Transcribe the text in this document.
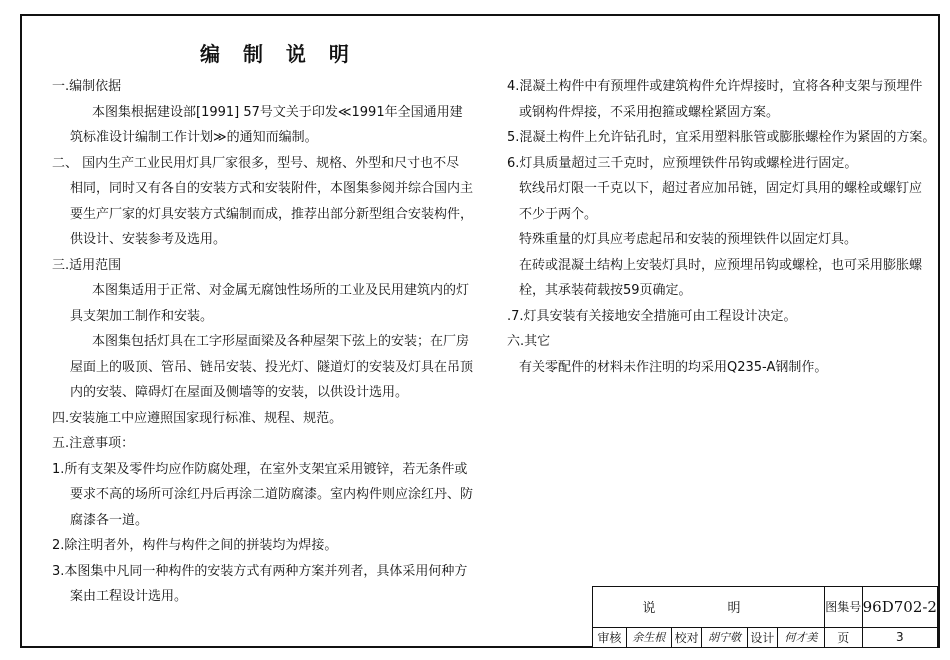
编 制 说 明

一.编制依据

本图集根据建设部[1991] 57号文关于印发≪1991年全国通用建

筑标准设计编制工作计划≫的通知而编制。

二、 国内生产工业民用灯具厂家很多，型号、规格、外型和尺寸也不尽

相同，同时又有各自的安装方式和安装附件，本图集参阅并综合国内主

要生产厂家的灯具安装方式编制而成，推荐出部分新型组合安装构件，

供设计、安装参考及选用。

三.适用范围

本图集适用于正常、对金属无腐蚀性场所的工业及民用建筑内的灯

具支架加工制作和安装。

本图集包括灯具在工字形屋面梁及各种屋架下弦上的安装；在厂房

屋面上的吸顶、管吊、链吊安装、投光灯、隧道灯的安装及灯具在吊顶

内的安装、障碍灯在屋面及侧墙等的安装，以供设计选用。

四.安装施工中应遵照国家现行标准、规程、规范。

五.注意事项：

1.所有支架及零件均应作防腐处理，在室外支架宜采用镀锌，若无条件或

要求不高的场所可涂红丹后再涂二道防腐漆。室内构件则应涂红丹、防

腐漆各一道。

2.除注明者外，构件与构件之间的拼装均为焊接。

3.本图集中凡同一种构件的安装方式有两种方案并列者，具体采用何种方

案由工程设计选用。

4.混凝土构件中有预埋件或建筑构件允许焊接时，宜将各种支架与预埋件

或钢构件焊接，不采用抱箍或螺栓紧固方案。

5.混凝土构件上允许钻孔时，宜采用塑料胀管或膨胀螺栓作为紧固的方案。

6.灯具质量超过三千克时，应预埋铁件吊钩或螺栓进行固定。

软线吊灯限一千克以下，超过者应加吊链，固定灯具用的螺栓或螺钉应

不少于两个。

特殊重量的灯具应考虑起吊和安装的预埋铁件以固定灯具。

在砖或混凝土结构上安装灯具时，应预埋吊钩或螺栓，也可采用膨胀螺

栓，其承装荷载按59页确定。

.7.灯具安装有关接地安全措施可由工程设计决定。

六.其它

有关零配件的材料未作注明的均采用Q235-A钢制作。

说 明						图集号	96D702-2
审核	余生根	校对	胡宁敬	设计	何才美	页	3
